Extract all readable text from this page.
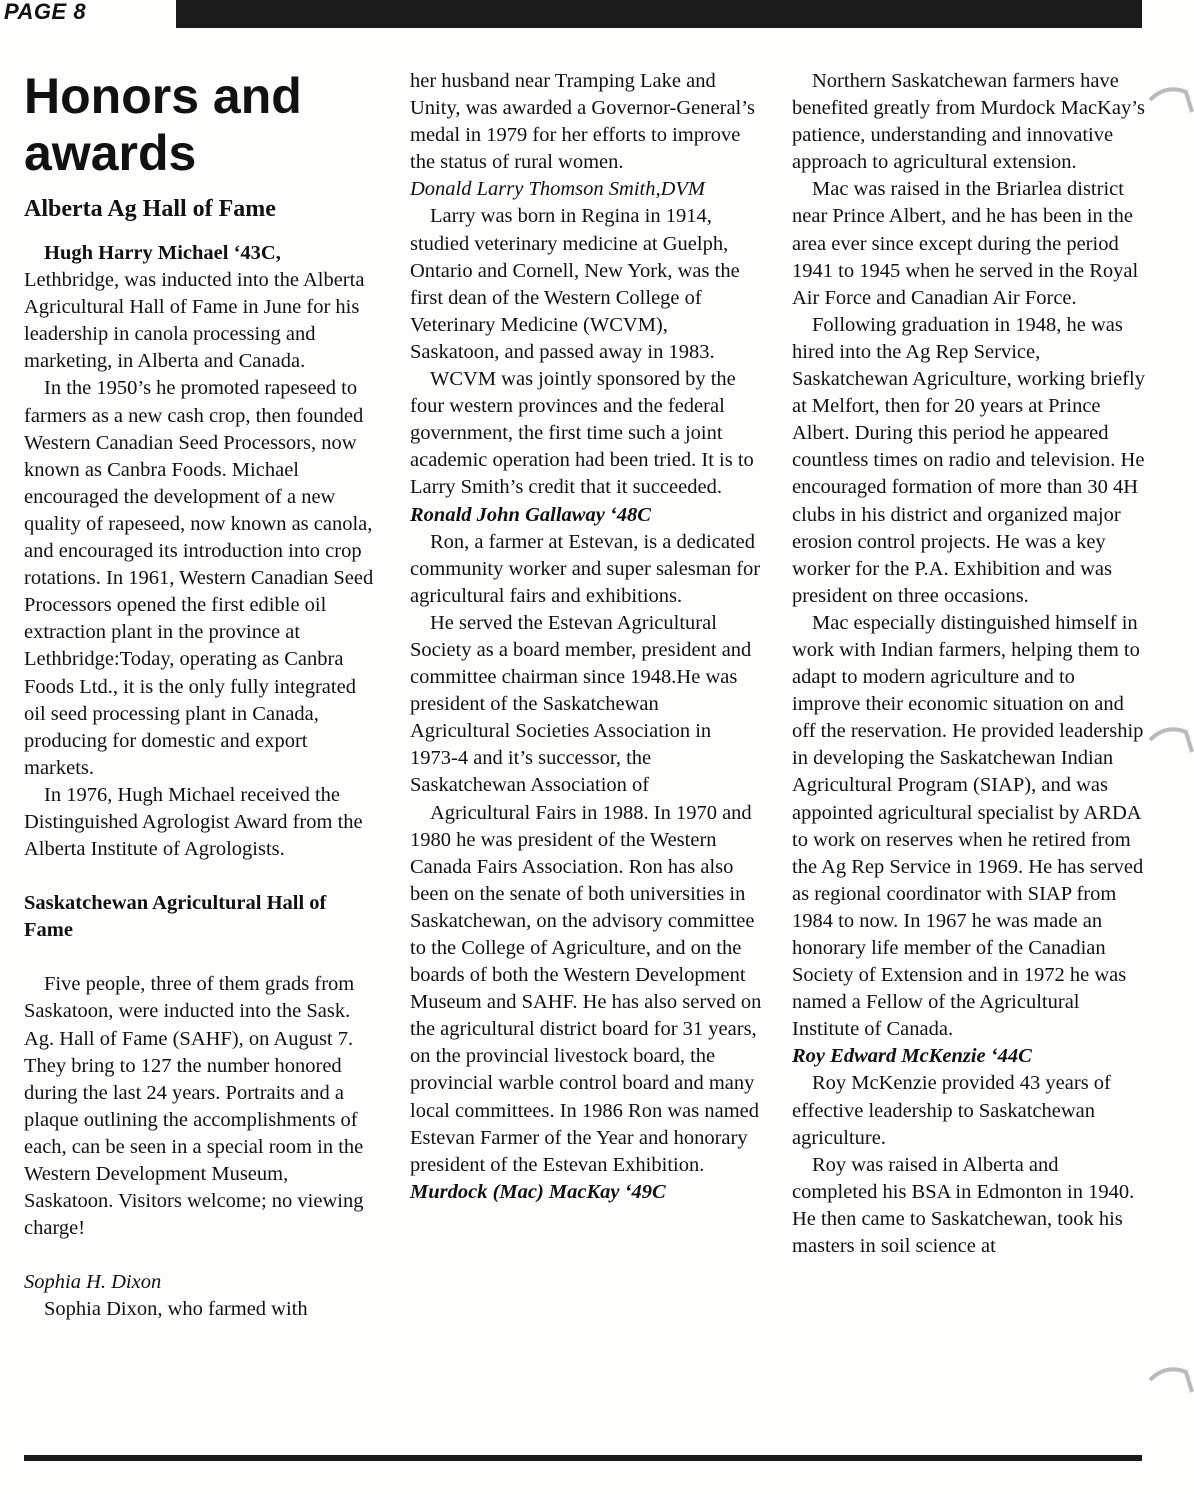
PAGE 8
Honors and awards
Alberta Ag Hall of Fame

Hugh Harry Michael ‘43C, Lethbridge, was inducted into the Alberta Agricultural Hall of Fame in June for his leadership in canola processing and marketing, in Alberta and Canada.

In the 1950’s he promoted rapeseed to farmers as a new cash crop, then founded Western Canadian Seed Processors, now known as Canbra Foods. Michael encouraged the development of a new quality of rapeseed, now known as canola, and encouraged its introduction into crop rotations. In 1961, Western Canadian Seed Processors opened the first edible oil extraction plant in the province at Lethbridge:Today, operating as Canbra Foods Ltd., it is the only fully integrated oil seed processing plant in Canada, producing for domestic and export markets.

In 1976, Hugh Michael received the Distinguished Agrologist Award from the Alberta Institute of Agrologists.

Saskatchewan Agricultural Hall of Fame

Five people, three of them grads from Saskatoon, were inducted into the Sask. Ag. Hall of Fame (SAHF), on August 7. They bring to 127 the number honored during the last 24 years. Portraits and a plaque outlining the accomplishments of each, can be seen in a special room in the Western Development Museum, Saskatoon. Visitors welcome; no viewing charge!

Sophia H. Dixon

Sophia Dixon, who farmed with

her husband near Tramping Lake and Unity, was awarded a Governor-General’s medal in 1979 for her efforts to improve the status of rural women.

Donald Larry Thomson Smith,DVM

Larry was born in Regina in 1914, studied veterinary medicine at Guelph, Ontario and Cornell, New York, was the first dean of the Western College of Veterinary Medicine (WCVM), Saskatoon, and passed away in 1983.

WCVM was jointly sponsored by the four western provinces and the federal government, the first time such a joint academic operation had been tried. It is to Larry Smith’s credit that it succeeded.

Ronald John Gallaway ‘48C

Ron, a farmer at Estevan, is a dedicated community worker and super salesman for agricultural fairs and exhibitions.

He served the Estevan Agricultural Society as a board member, president and committee chairman since 1948.He was president of the Saskatchewan Agricultural Societies Association in 1973-4 and it’s successor, the Saskatchewan Association of

Agricultural Fairs in 1988. In 1970 and 1980 he was president of the Western Canada Fairs Association. Ron has also been on the senate of both universities in Saskatchewan, on the advisory committee to the College of Agriculture, and on the boards of both the Western Development Museum and SAHF. He has also served on the agricultural district board for 31 years, on the provincial livestock board, the provincial warble control board and many local committees. In 1986 Ron was named Estevan Farmer of the Year and honorary president of the Estevan Exhibition.

Murdock (Mac) MacKay ‘49C

Northern Saskatchewan farmers have benefited greatly from Murdock MacKay’s patience, understanding and innovative approach to agricultural extension.

Mac was raised in the Briarlea district near Prince Albert, and he has been in the area ever since except during the period 1941 to 1945 when he served in the Royal Air Force and Canadian Air Force.

Following graduation in 1948, he was hired into the Ag Rep Service, Saskatchewan Agriculture, working briefly at Melfort, then for 20 years at Prince Albert. During this period he appeared countless times on radio and television. He encouraged formation of more than 30 4H clubs in his district and organized major erosion control projects. He was a key worker for the P.A. Exhibition and was president on three occasions.

Mac especially distinguished himself in work with Indian farmers, helping them to adapt to modern agriculture and to improve their economic situation on and off the reservation. He provided leadership in developing the Saskatchewan Indian Agricultural Program (SIAP), and was appointed agricultural specialist by ARDA to work on reserves when he retired from the Ag Rep Service in 1969. He has served as regional coordinator with SIAP from 1984 to now. In 1967 he was made an honorary life member of the Canadian Society of Extension and in 1972 he was named a Fellow of the Agricultural Institute of Canada.

Roy Edward McKenzie ‘44C

Roy McKenzie provided 43 years of effective leadership to Saskatchewan agriculture.

Roy was raised in Alberta and completed his BSA in Edmonton in 1940. He then came to Saskatchewan, took his masters in soil science at
